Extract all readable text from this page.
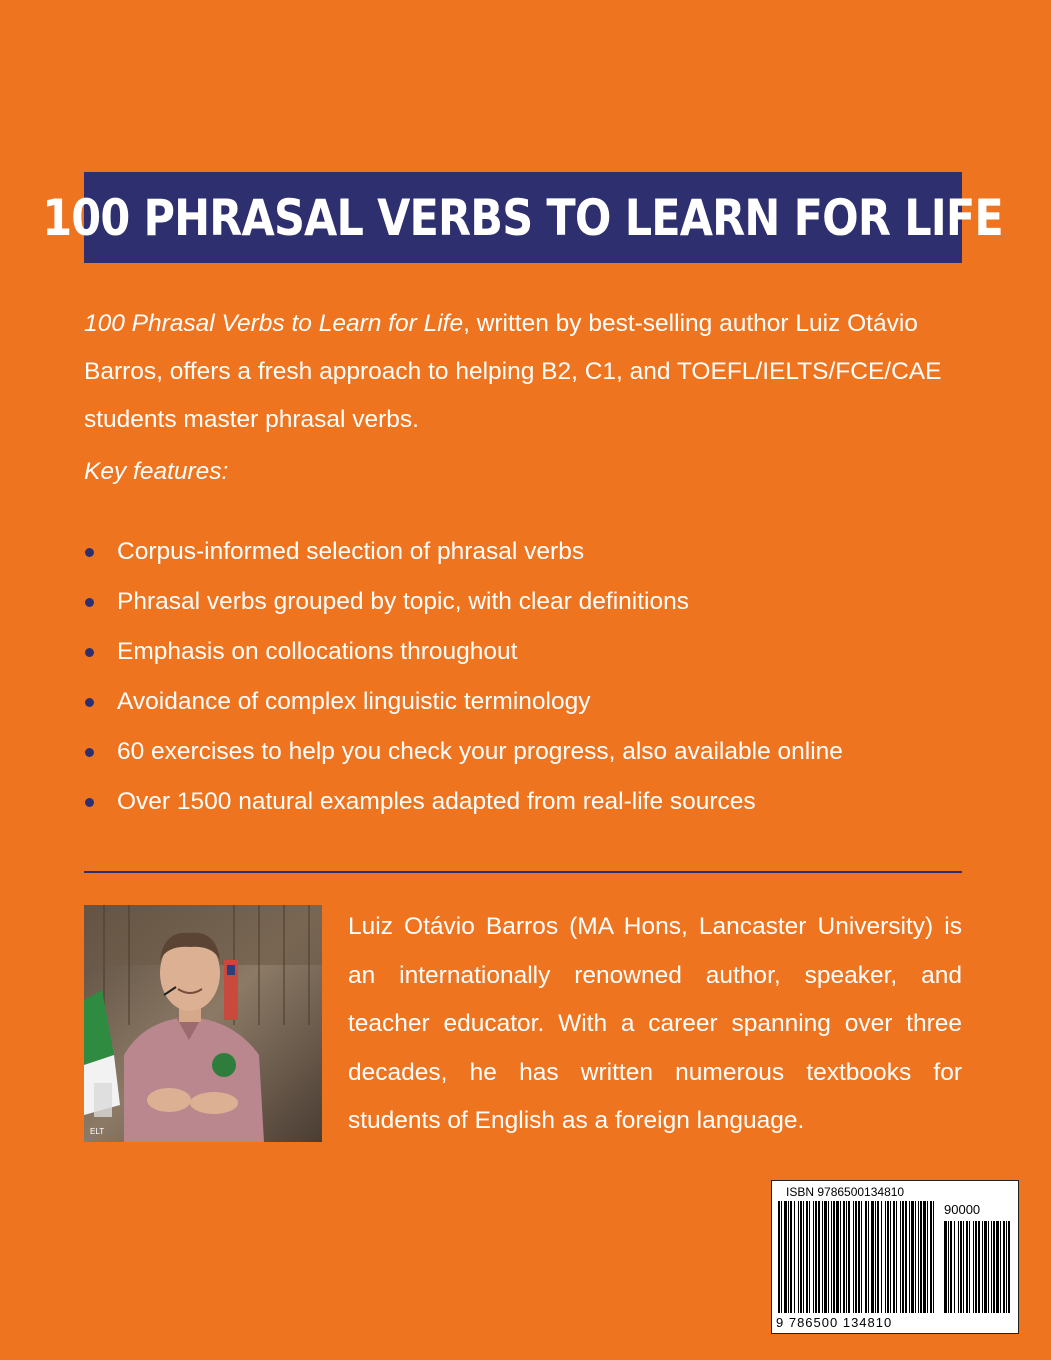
100 PHRASAL VERBS TO LEARN FOR LIFE

100 Phrasal Verbs to Learn for Life, written by best-selling author Luiz Otávio Barros, offers a fresh approach to helping B2, C1, and TOEFL/IELTS/FCE/CAE students master phrasal verbs.

Key features:

Corpus-informed selection of phrasal verbs
Phrasal verbs grouped by topic, with clear definitions
Emphasis on collocations throughout
Avoidance of complex linguistic terminology
60 exercises to help you check your progress, also available online
Over 1500 natural examples adapted from real-life sources
ELT

Luiz Otávio Barros (MA Hons, Lancaster University) is an internationally renowned author, speaker, and teacher educator. With a career spanning over three decades, he has written numerous textbooks for students of English as a foreign language.

ISBN 9786500134810
90000
9 786500 134810
